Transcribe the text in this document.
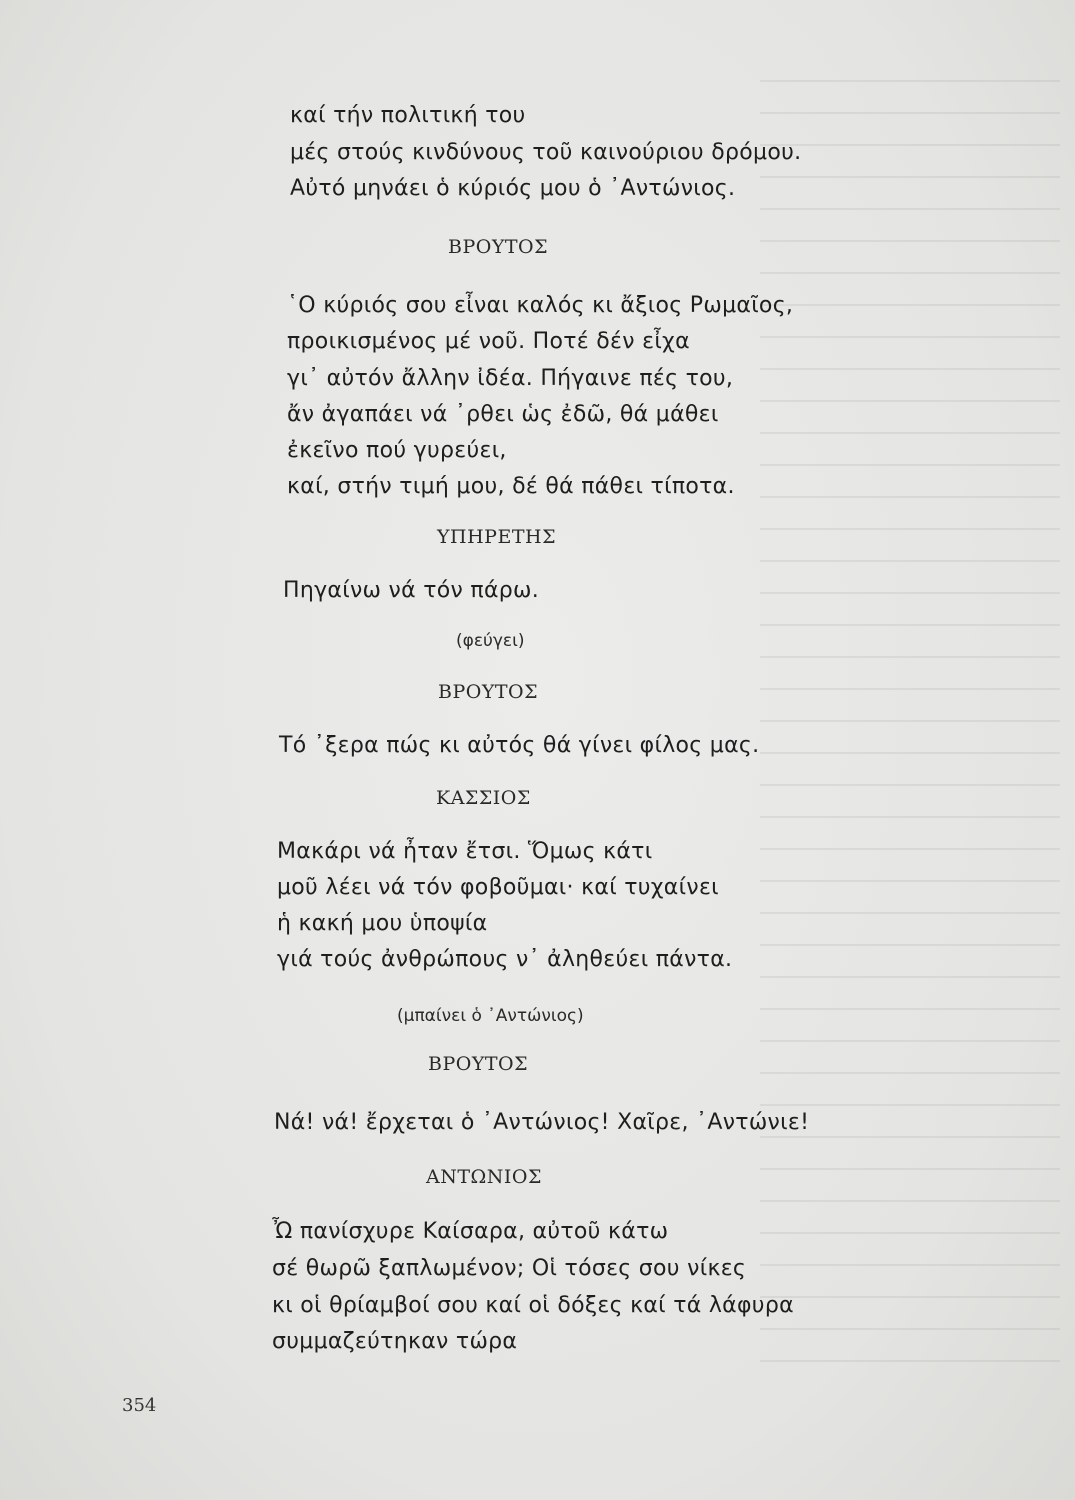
καί τήν πολιτική του
μές στούς κινδύνους τοῦ καινούριου δρόμου.
Αὐτό μηνάει ὁ κύριός μου ὁ ᾿Αντώνιος.
ΒΡΟΥΤΟΣ
῾Ο κύριός σου εἶναι καλός κι ἄξιος Ρωμαῖος,
προικισμένος μέ νοῦ. Ποτέ δέν εἶχα
γι᾿ αὐτόν ἄλλην ἰδέα. Πήγαινε πές του,
ἄν ἀγαπάει νά ᾿ρθει ὡς ἐδῶ, θά μάθει
ἐκεῖνο πού γυρεύει,
καί, στήν τιμή μου, δέ θά πάθει τίποτα.
ΥΠΗΡΕΤΗΣ
Πηγαίνω νά τόν πάρω.
(φεύγει)
ΒΡΟΥΤΟΣ
Τό ᾿ξερα πώς κι αὐτός θά γίνει φίλος μας.
ΚΑΣΣΙΟΣ
Μακάρι νά ἦταν ἔτσι. Ὅμως κάτι
μοῦ λέει νά τόν φοβοῦμαι· καί τυχαίνει
ἡ κακή μου ὑποψία
γιά τούς ἀνθρώπους ν᾿ ἀληθεύει πάντα.
(μπαίνει ὁ ᾿Αντώνιος)
ΒΡΟΥΤΟΣ
Νά! νά! ἔρχεται ὁ ᾿Αντώνιος! Χαῖρε, ᾿Αντώνιε!
ΑΝΤΩΝΙΟΣ
Ὦ πανίσχυρε Καίσαρα, αὐτοῦ κάτω
σέ θωρῶ ξαπλωμένον; Οἱ τόσες σου νίκες
κι οἱ θρίαμβοί σου καί οἱ δόξες καί τά λάφυρα
συμμαζεύτηκαν τώρα
354
